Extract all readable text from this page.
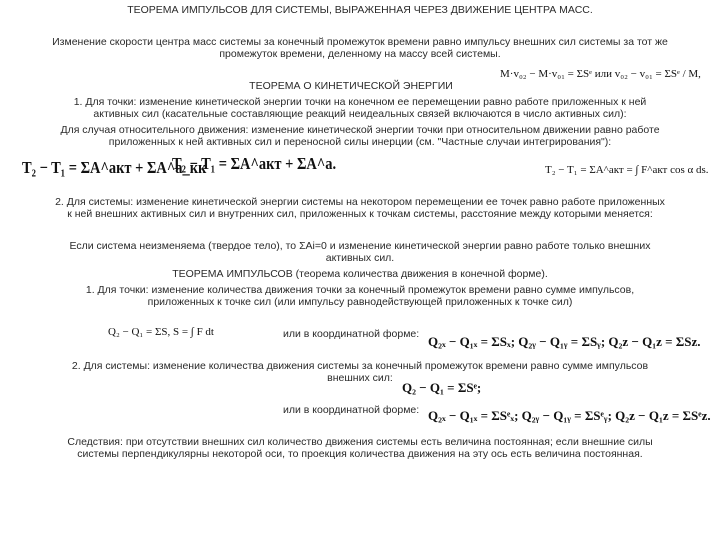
ТЕОРЕМА ИМПУЛЬСОВ ДЛЯ СИСТЕМЫ, ВЫРАЖЕННАЯ ЧЕРЕЗ ДВИЖЕНИЕ ЦЕНТРА МАСС.
Изменение скорости центра масс системы за конечный промежуток времени равно импульсу внешних сил системы за тот же
промежуток времени, деленному на массу всей системы.
M·v₀₂ − M·v₀₁ = ΣSᵉ или v₀₂ − v₀₁ = ΣSᵉ / M,
ТЕОРЕМА О КИНЕТИЧЕСКОЙ ЭНЕРГИИ
1. Для точки: изменение кинетической энергии точки на конечном ее перемещении равно работе приложенных к ней
активных сил (касательные составляющие реакций неидеальных связей включаются в число активных сил):
Для случая относительного движения: изменение кинетической энергии точки при относительном движении равно работе
приложенных к ней активных сил и переносной силы инерции (см. "Частные случаи интегрирования"):
T₂ − T₁ = ΣA^акт + ΣA^а_кк
T₂ − T₁ = ΣA^акт + ΣA^а.	T₂ − T₁ = ΣA^акт = ∫ F^акт cos α ds.
2. Для системы: изменение кинетической энергии системы на некотором перемещении ее точек равно работе приложенных
к ней внешних активных сил и внутренних сил, приложенных к точкам системы, расстояние между которыми меняется:
Если система неизменяема (твердое тело), то ΣAi=0 и изменение кинетической энергии равно работе только внешних
активных сил.
ТЕОРЕМА ИМПУЛЬСОВ (теорема количества движения в конечной форме).
1. Для точки: изменение количества движения точки за конечный промежуток времени равно сумме импульсов,
приложенных к точке сил (или импульсу равнодействующей приложенных к точке сил)
Q₂ − Q₁ = ΣS, S = ∫ F dt	или в координатной форме: Q₂ₓ − Q₁ₓ = ΣSₓ; Q₂ᵧ − Q₁ᵧ = ΣSᵧ; Q₂z − Q₁z = ΣSz.
2. Для системы: изменение количества движения системы за конечный промежуток времени равно сумме импульсов
внешних сил:
Q₂ − Q₁ = ΣSᵉ;
или в координатной форме: Q₂ₓ − Q₁ₓ = ΣSᵉₓ; Q₂ᵧ − Q₁ᵧ = ΣSᵉᵧ; Q₂z − Q₁z = ΣSᵉz.
Следствия: при отсутствии внешних сил количество движения системы есть величина постоянная; если внешние силы
системы перпендикулярны некоторой оси, то проекция количества движения на эту ось есть величина постоянная.
